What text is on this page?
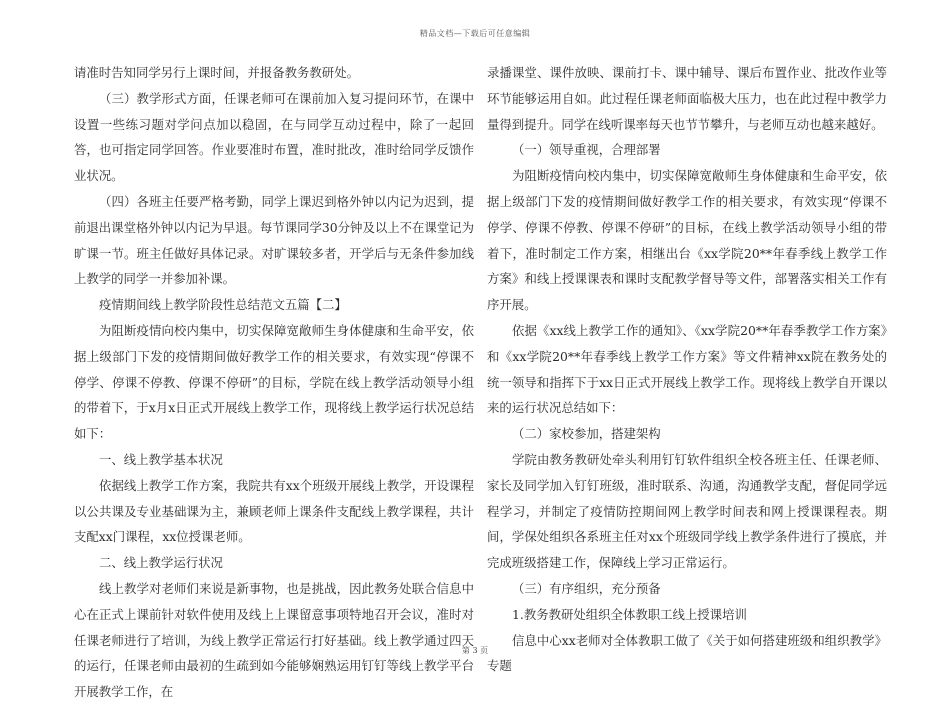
精品文档—下载后可任意编辑

请准时告知同学另行上课时间，并报备教务教研处。

（三）教学形式方面，任课老师可在课前加入复习提问环节，在课中设置一些练习题对学问点加以稳固，在与同学互动过程中，除了一起回答，也可指定同学回答。作业要准时布置，准时批改，准时给同学反馈作业状况。

（四）各班主任要严格考勤，同学上课迟到格外钟以内记为迟到，提前退出课堂格外钟以内记为早退。每节课同学30分钟及以上不在课堂记为旷课一节。班主任做好具体记录。对旷课较多者，开学后与无条件参加线上教学的同学一并参加补课。

疫情期间线上教学阶段性总结范文五篇【二】

为阻断疫情向校内集中，切实保障宽敞师生身体健康和生命平安，依据上级部门下发的疫情期间做好教学工作的相关要求，有效实现“停课不停学、停课不停教、停课不停研”的目标，学院在线上教学活动领导小组的带着下，于x月x日正式开展线上教学工作，现将线上教学运行状况总结如下：

一、线上教学基本状况

依据线上教学工作方案，我院共有xx个班级开展线上教学，开设课程以公共课及专业基础课为主，兼顾老师上课条件支配线上教学课程，共计支配xx门课程，xx位授课老师。

二、线上教学运行状况

线上教学对老师们来说是新事物，也是挑战，因此教务处联合信息中心在正式上课前针对软件使用及线上上课留意事项特地召开会议，准时对任课老师进行了培训，为线上教学正常运行打好基础。线上教学通过四天的运行，任课老师由最初的生疏到如今能够娴熟运用钉钉等线上教学平台开展教学工作，在

录播课堂、课件放映、课前打卡、课中辅导、课后布置作业、批改作业等环节能够运用自如。此过程任课老师面临极大压力，也在此过程中教学力量得到提升。同学在线听课率每天也节节攀升，与老师互动也越来越好。

（一）领导重视，合理部署

为阻断疫情向校内集中，切实保障宽敞师生身体健康和生命平安，依据上级部门下发的疫情期间做好教学工作的相关要求，有效实现“停课不停学、停课不停教、停课不停研”的目标，在线上教学活动领导小组的带着下，准时制定工作方案，相继出台《xx学院20**年春季线上教学工作方案》和线上授课课表和课时支配教学督导等文件，部署落实相关工作有序开展。

依据《xx线上教学工作的通知》、《xx学院20**年春季教学工作方案》和《xx学院20**年春季线上教学工作方案》等文件精神xx院在教务处的统一领导和指挥下于xx日正式开展线上教学工作。现将线上教学自开课以来的运行状况总结如下：

（二）家校参加，搭建架构

学院由教务教研处牵头利用钉钉软件组织全校各班主任、任课老师、家长及同学加入钉钉班级，准时联系、沟通，沟通教学支配，督促同学远程学习，并制定了疫情防控期间网上教学时间表和网上授课课程表。期间，学保处组织各系班主任对xx个班级同学线上教学条件进行了摸底，并完成班级搭建工作，保障线上学习正常运行。

（三）有序组织，充分预备

1.教务教研处组织全体教职工线上授课培训

信息中心xx老师对全体教职工做了《关于如何搭建班级和组织教学》专题

第 3 页
